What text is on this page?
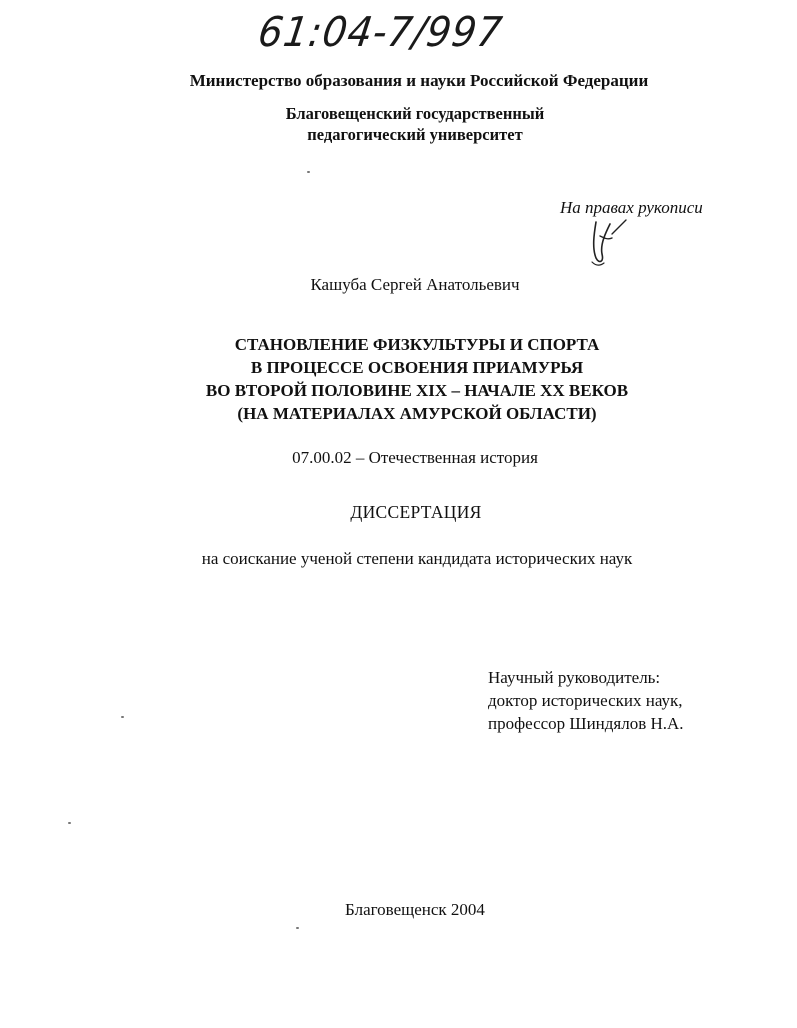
61:04-7/997
Министерство образования и науки Российской Федерации
Благовещенский государственный
педагогический университет
На правах рукописи
Кашуба Сергей Анатольевич
СТАНОВЛЕНИЕ ФИЗКУЛЬТУРЫ И СПОРТА
В ПРОЦЕССЕ ОСВОЕНИЯ ПРИАМУРЬЯ
ВО ВТОРОЙ ПОЛОВИНЕ XIX – НАЧАЛЕ XX ВЕКОВ
(НА МАТЕРИАЛАХ АМУРСКОЙ ОБЛАСТИ)
07.00.02 – Отечественная история
ДИССЕРТАЦИЯ
на соискание ученой степени кандидата исторических наук
Научный руководитель:
доктор исторических наук,
профессор Шиндялов Н.А.
Благовещенск 2004
